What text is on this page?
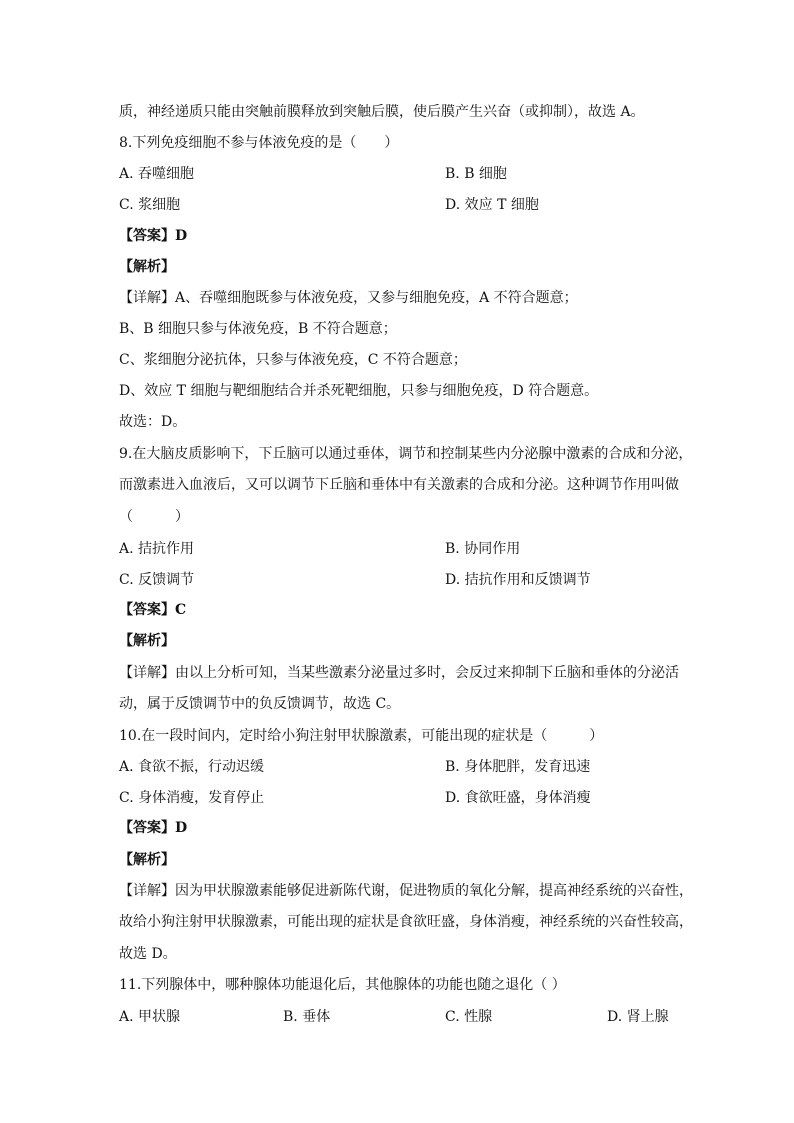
质，神经递质只能由突触前膜释放到突触后膜，使后膜产生兴奋（或抑制），故选 A。
8.下列免疫细胞不参与体液免疫的是（　　）
A. 吞噬细胞	B. B 细胞
C. 浆细胞	D. 效应 T 细胞
【答案】D
【解析】
【详解】A、吞噬细胞既参与体液免疫，又参与细胞免疫，A 不符合题意；
B、B 细胞只参与体液免疫，B 不符合题意；
C、浆细胞分泌抗体，只参与体液免疫，C 不符合题意；
D、效应 T 细胞与靶细胞结合并杀死靶细胞，只参与细胞免疫，D 符合题意。
故选：D。
9.在大脑皮质影响下，下丘脑可以通过垂体，调节和控制某些内分泌腺中激素的合成和分泌，
而激素进入血液后，又可以调节下丘脑和垂体中有关激素的合成和分泌。这种调节作用叫做
（　　　）
A. 拮抗作用	B. 协同作用
C. 反馈调节	D. 拮抗作用和反馈调节
【答案】C
【解析】
【详解】由以上分析可知，当某些激素分泌量过多时，会反过来抑制下丘脑和垂体的分泌活
动，属于反馈调节中的负反馈调节，故选 C。
10.在一段时间内，定时给小狗注射甲状腺激素，可能出现的症状是（　　　）
A. 食欲不振，行动迟缓	B. 身体肥胖，发育迅速
C. 身体消瘦，发育停止	D. 食欲旺盛，身体消瘦
【答案】D
【解析】
【详解】因为甲状腺激素能够促进新陈代谢，促进物质的氧化分解，提高神经系统的兴奋性，
故给小狗注射甲状腺激素，可能出现的症状是食欲旺盛，身体消瘦，神经系统的兴奋性较高，
故选 D。
11.下列腺体中，哪种腺体功能退化后，其他腺体的功能也随之退化（ ）
A. 甲状腺	B. 垂体	C. 性腺	D. 肾上腺
